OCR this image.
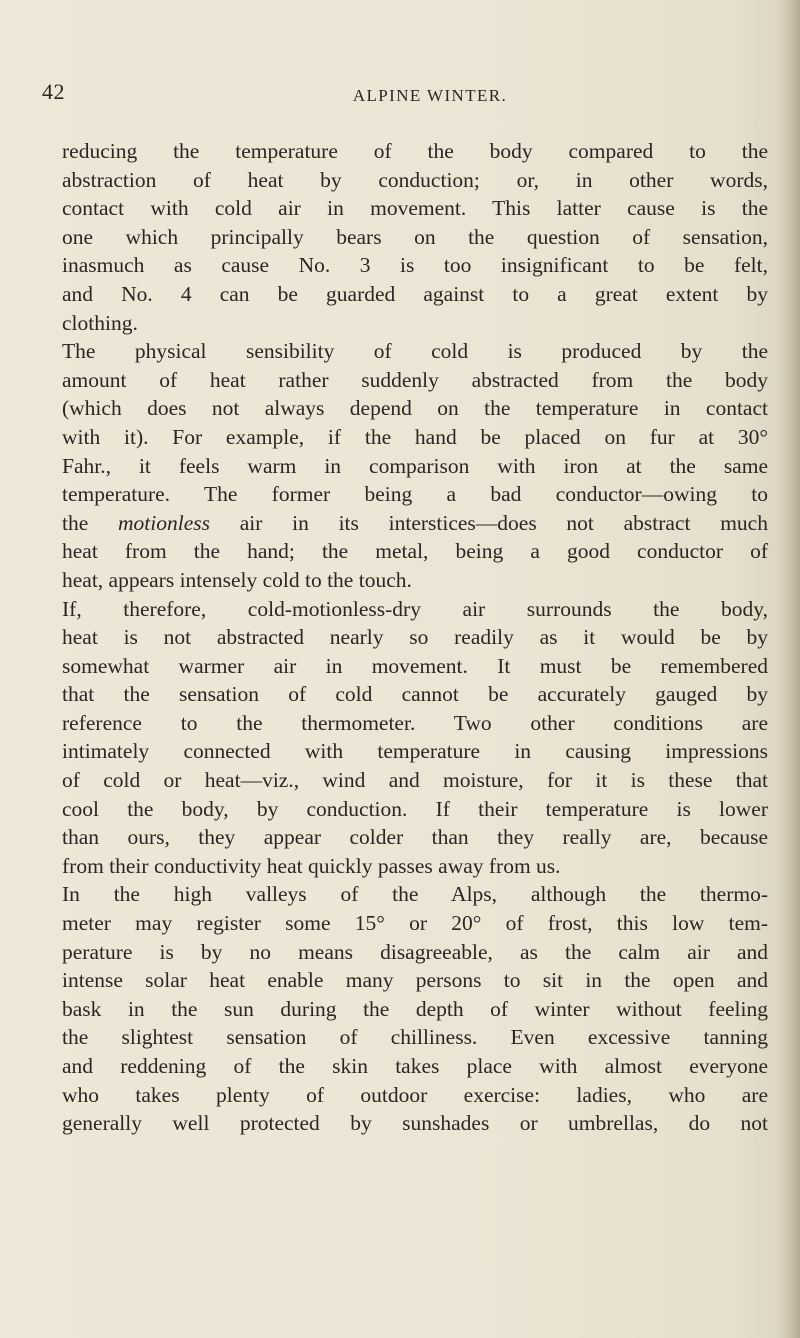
42	ALPINE WINTER.
reducing the temperature of the body compared to the
abstraction of heat by conduction; or, in other words,
contact with cold air in movement. This latter cause is the
one which principally bears on the question of sensation,
inasmuch as cause No. 3 is too insignificant to be felt,
and No. 4 can be guarded against to a great extent by
clothing.
The physical sensibility of cold is produced by the
amount of heat rather suddenly abstracted from the body
(which does not always depend on the temperature in contact
with it). For example, if the hand be placed on fur at 30°
Fahr., it feels warm in comparison with iron at the same
temperature. The former being a bad conductor—owing to
the motionless air in its interstices—does not abstract much
heat from the hand; the metal, being a good conductor of
heat, appears intensely cold to the touch.
If, therefore, cold-motionless-dry air surrounds the body,
heat is not abstracted nearly so readily as it would be by
somewhat warmer air in movement. It must be remembered
that the sensation of cold cannot be accurately gauged by
reference to the thermometer. Two other conditions are
intimately connected with temperature in causing impressions
of cold or heat—viz., wind and moisture, for it is these that
cool the body, by conduction. If their temperature is lower
than ours, they appear colder than they really are, because
from their conductivity heat quickly passes away from us.
In the high valleys of the Alps, although the thermo-
meter may register some 15° or 20° of frost, this low tem-
perature is by no means disagreeable, as the calm air and
intense solar heat enable many persons to sit in the open and
bask in the sun during the depth of winter without feeling
the slightest sensation of chilliness. Even excessive tanning
and reddening of the skin takes place with almost everyone
who takes plenty of outdoor exercise: ladies, who are
generally well protected by sunshades or umbrellas, do not
